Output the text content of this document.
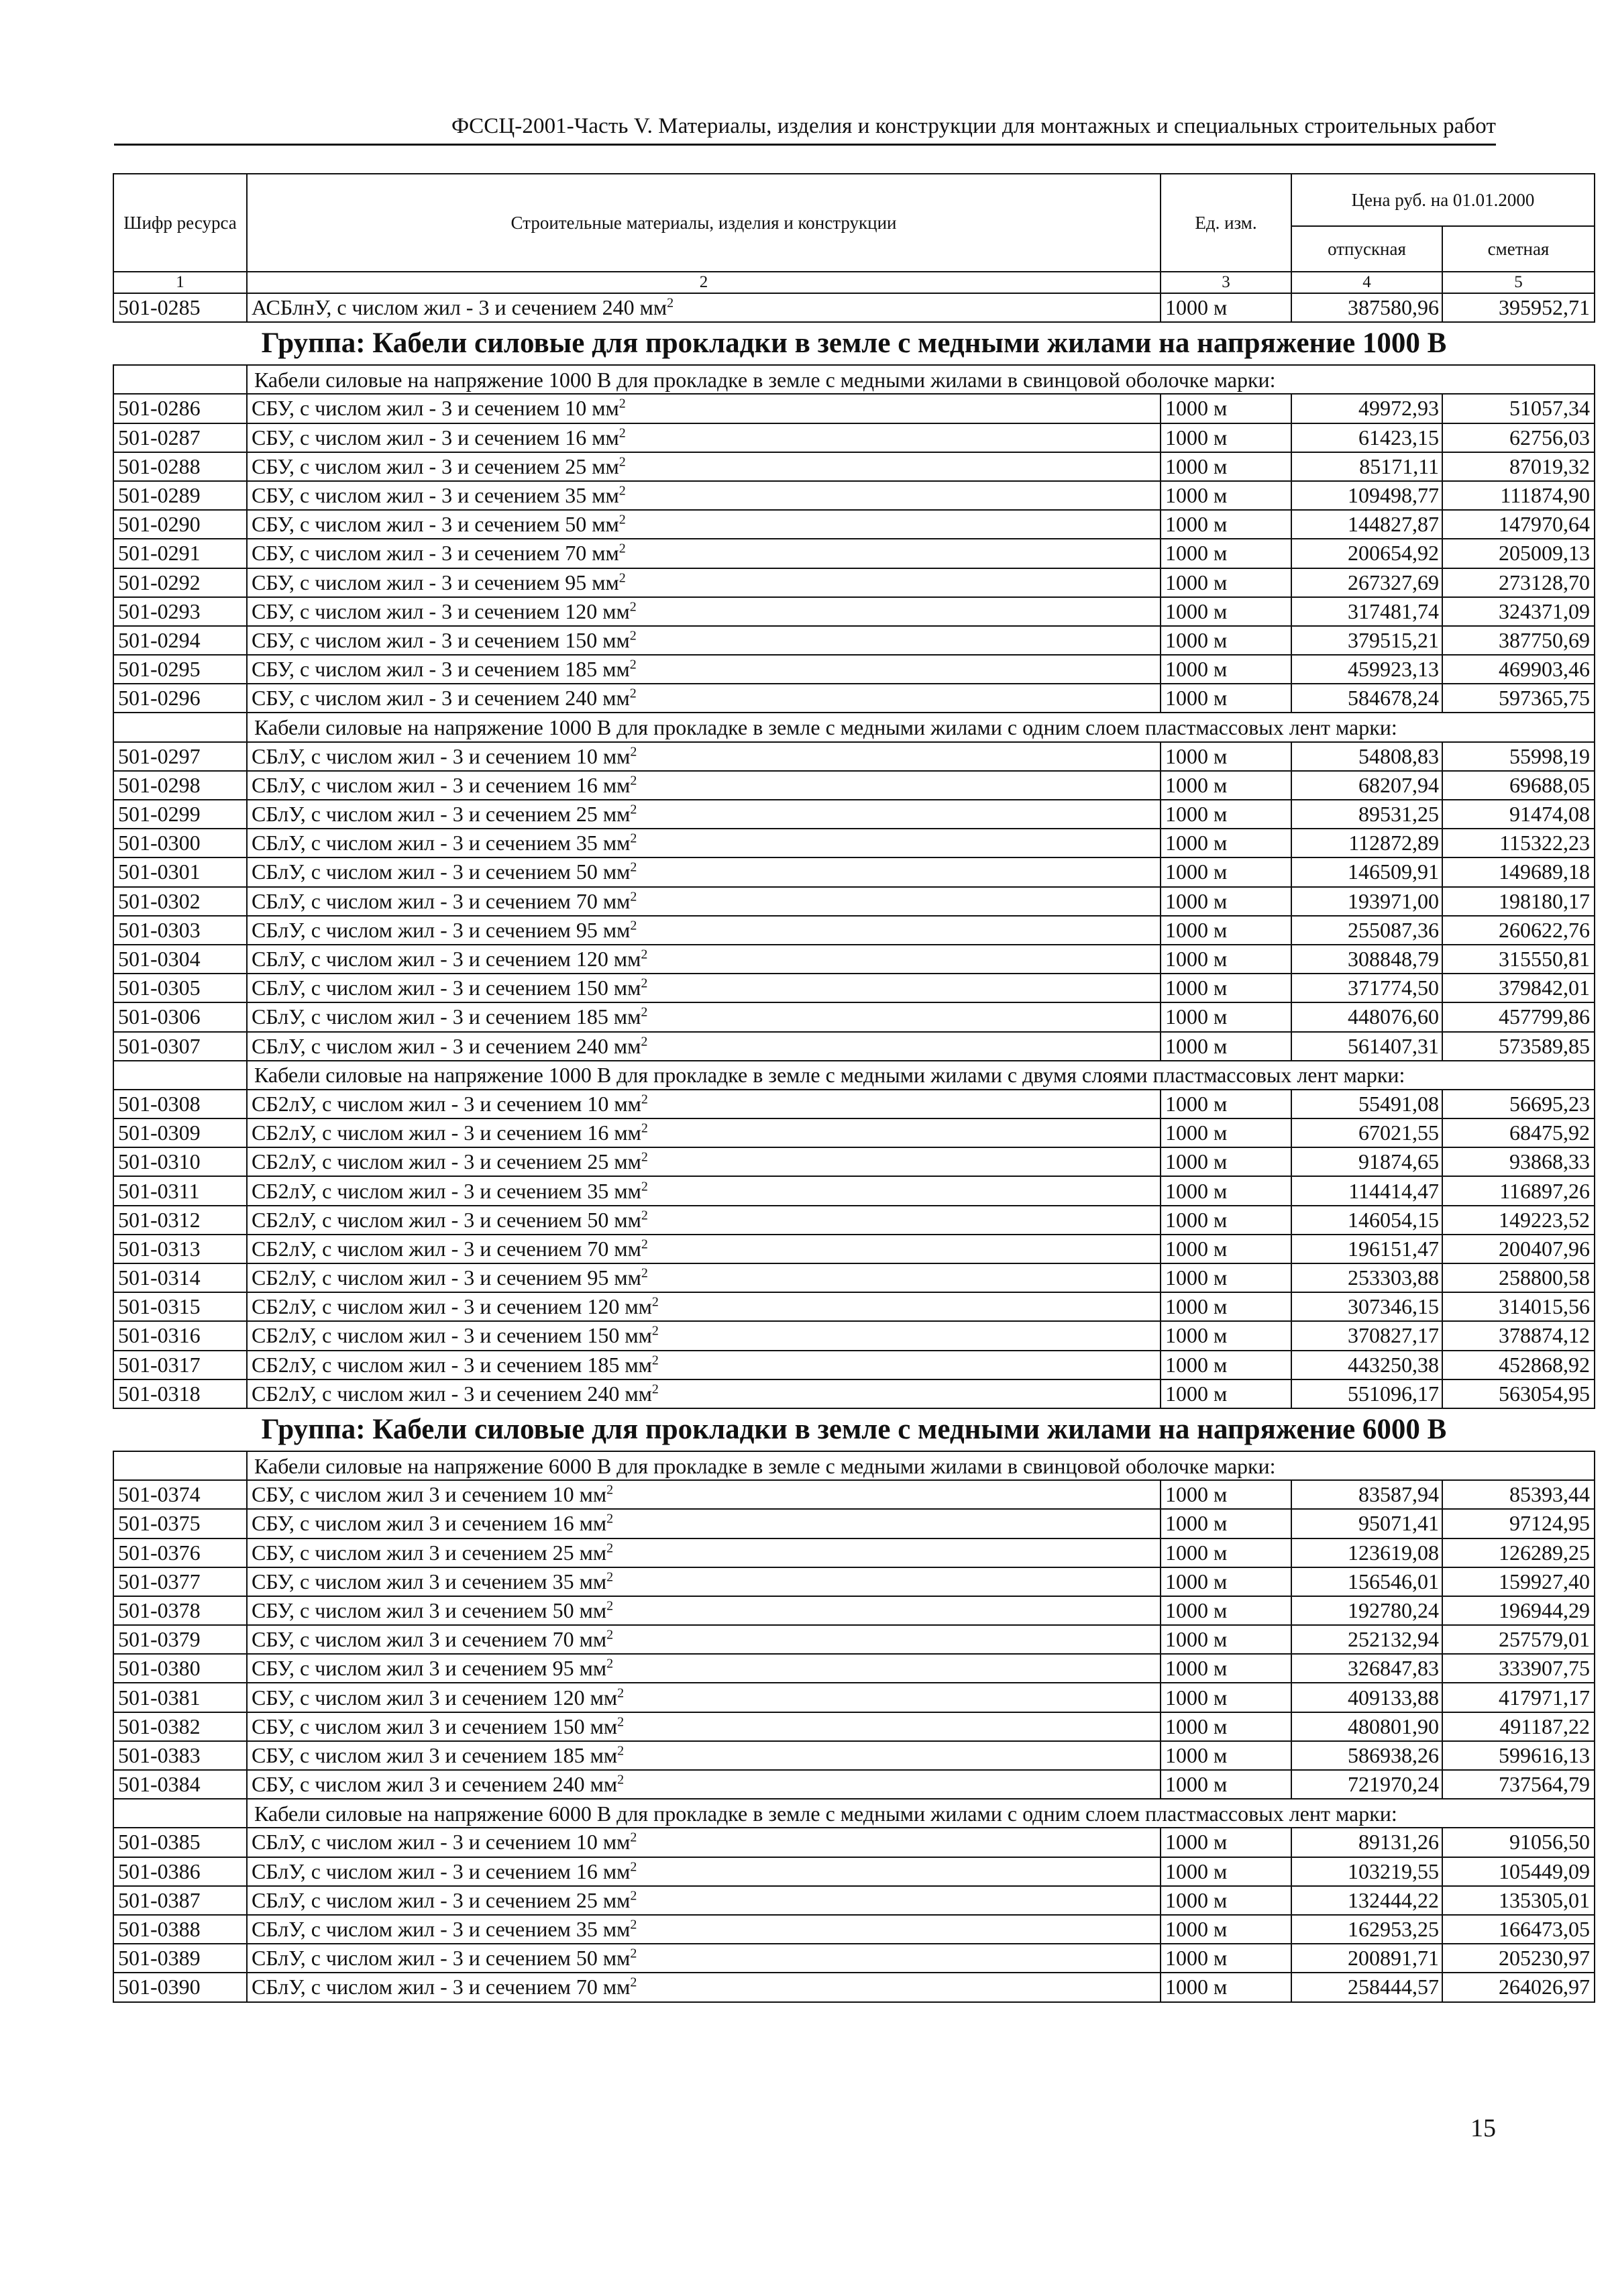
ФССЦ-2001-Часть V. Материалы, изделия и конструкции для монтажных и специальных строительных работ
Шифр ресурса	Строительные материалы, изделия и конструкции	Ед. изм.	Цена руб. на 01.01.2000	
			отпускная	сметная
1	2	3	4	5
501-0285	АСБлнУ, с числом жил - 3 и сечением 240 $мм^2$	1000 м	387580,96	395952,71
Группа: Кабели силовые для прокладки в земле с медными жилами на напряжение 1000 В				
	Кабели силовые на напряжение 1000 В для прокладке в земле с медными жилами в свинцовой оболочке марки:			
501-0286	СБУ, с числом жил - 3 и сечением 10 $мм^2$	1000 м	49972,93	51057,34
501-0287	СБУ, с числом жил - 3 и сечением 16 $мм^2$	1000 м	61423,15	62756,03
501-0288	СБУ, с числом жил - 3 и сечением 25 $мм^2$	1000 м	85171,11	87019,32
501-0289	СБУ, с числом жил - 3 и сечением 35 $мм^2$	1000 м	109498,77	111874,90
501-0290	СБУ, с числом жил - 3 и сечением 50 $мм^2$	1000 м	144827,87	147970,64
501-0291	СБУ, с числом жил - 3 и сечением 70 $мм^2$	1000 м	200654,92	205009,13
501-0292	СБУ, с числом жил - 3 и сечением 95 $мм^2$	1000 м	267327,69	273128,70
501-0293	СБУ, с числом жил - 3 и сечением 120 $мм^2$	1000 м	317481,74	324371,09
501-0294	СБУ, с числом жил - 3 и сечением 150 $мм^2$	1000 м	379515,21	387750,69
501-0295	СБУ, с числом жил - 3 и сечением 185 $мм^2$	1000 м	459923,13	469903,46
501-0296	СБУ, с числом жил - 3 и сечением 240 $мм^2$	1000 м	584678,24	597365,75
	Кабели силовые на напряжение 1000 В для прокладке в земле с медными жилами с одним слоем пластмассовых лент марки:			
501-0297	СБлУ, с числом жил - 3 и сечением 10 $мм^2$	1000 м	54808,83	55998,19
501-0298	СБлУ, с числом жил - 3 и сечением 16 $мм^2$	1000 м	68207,94	69688,05
501-0299	СБлУ, с числом жил - 3 и сечением 25 $мм^2$	1000 м	89531,25	91474,08
501-0300	СБлУ, с числом жил - 3 и сечением 35 $мм^2$	1000 м	112872,89	115322,23
501-0301	СБлУ, с числом жил - 3 и сечением 50 $мм^2$	1000 м	146509,91	149689,18
501-0302	СБлУ, с числом жил - 3 и сечением 70 $мм^2$	1000 м	193971,00	198180,17
501-0303	СБлУ, с числом жил - 3 и сечением 95 $мм^2$	1000 м	255087,36	260622,76
501-0304	СБлУ, с числом жил - 3 и сечением 120 $мм^2$	1000 м	308848,79	315550,81
501-0305	СБлУ, с числом жил - 3 и сечением 150 $мм^2$	1000 м	371774,50	379842,01
501-0306	СБлУ, с числом жил - 3 и сечением 185 $мм^2$	1000 м	448076,60	457799,86
501-0307	СБлУ, с числом жил - 3 и сечением 240 $мм^2$	1000 м	561407,31	573589,85
	Кабели силовые на напряжение 1000 В для прокладке в земле с медными жилами с двумя слоями пластмассовых лент марки:			
501-0308	СБ2лУ, с числом жил - 3 и сечением 10 $мм^2$	1000 м	55491,08	56695,23
501-0309	СБ2лУ, с числом жил - 3 и сечением 16 $мм^2$	1000 м	67021,55	68475,92
501-0310	СБ2лУ, с числом жил - 3 и сечением 25 $мм^2$	1000 м	91874,65	93868,33
501-0311	СБ2лУ, с числом жил - 3 и сечением 35 $мм^2$	1000 м	114414,47	116897,26
501-0312	СБ2лУ, с числом жил - 3 и сечением 50 $мм^2$	1000 м	146054,15	149223,52
501-0313	СБ2лУ, с числом жил - 3 и сечением 70 $мм^2$	1000 м	196151,47	200407,96
501-0314	СБ2лУ, с числом жил - 3 и сечением 95 $мм^2$	1000 м	253303,88	258800,58
501-0315	СБ2лУ, с числом жил - 3 и сечением 120 $мм^2$	1000 м	307346,15	314015,56
501-0316	СБ2лУ, с числом жил - 3 и сечением 150 $мм^2$	1000 м	370827,17	378874,12
501-0317	СБ2лУ, с числом жил - 3 и сечением 185 $мм^2$	1000 м	443250,38	452868,92
501-0318	СБ2лУ, с числом жил - 3 и сечением 240 $мм^2$	1000 м	551096,17	563054,95
Группа: Кабели силовые для прокладки в земле с медными жилами на напряжение 6000 В				
	Кабели силовые на напряжение 6000 В для прокладке в земле с медными жилами в свинцовой оболочке марки:			
501-0374	СБУ, с числом жил 3 и сечением 10 $мм^2$	1000 м	83587,94	85393,44
501-0375	СБУ, с числом жил 3 и сечением 16 $мм^2$	1000 м	95071,41	97124,95
501-0376	СБУ, с числом жил 3 и сечением 25 $мм^2$	1000 м	123619,08	126289,25
501-0377	СБУ, с числом жил 3 и сечением 35 $мм^2$	1000 м	156546,01	159927,40
501-0378	СБУ, с числом жил 3 и сечением 50 $мм^2$	1000 м	192780,24	196944,29
501-0379	СБУ, с числом жил 3 и сечением 70 $мм^2$	1000 м	252132,94	257579,01
501-0380	СБУ, с числом жил 3 и сечением 95 $мм^2$	1000 м	326847,83	333907,75
501-0381	СБУ, с числом жил 3 и сечением 120 $мм^2$	1000 м	409133,88	417971,17
501-0382	СБУ, с числом жил 3 и сечением 150 $мм^2$	1000 м	480801,90	491187,22
501-0383	СБУ, с числом жил 3 и сечением 185 $мм^2$	1000 м	586938,26	599616,13
501-0384	СБУ, с числом жил 3 и сечением 240 $мм^2$	1000 м	721970,24	737564,79
	Кабели силовые на напряжение 6000 В для прокладке в земле с медными жилами с одним слоем пластмассовых лент марки:			
501-0385	СБлУ, с числом жил - 3 и сечением 10 $мм^2$	1000 м	89131,26	91056,50
501-0386	СБлУ, с числом жил - 3 и сечением 16 $мм^2$	1000 м	103219,55	105449,09
501-0387	СБлУ, с числом жил - 3 и сечением 25 $мм^2$	1000 м	132444,22	135305,01
501-0388	СБлУ, с числом жил - 3 и сечением 35 $мм^2$	1000 м	162953,25	166473,05
501-0389	СБлУ, с числом жил - 3 и сечением 50 $мм^2$	1000 м	200891,71	205230,97
501-0390	СБлУ, с числом жил - 3 и сечением 70 $мм^2$	1000 м	258444,57	264026,97
15
